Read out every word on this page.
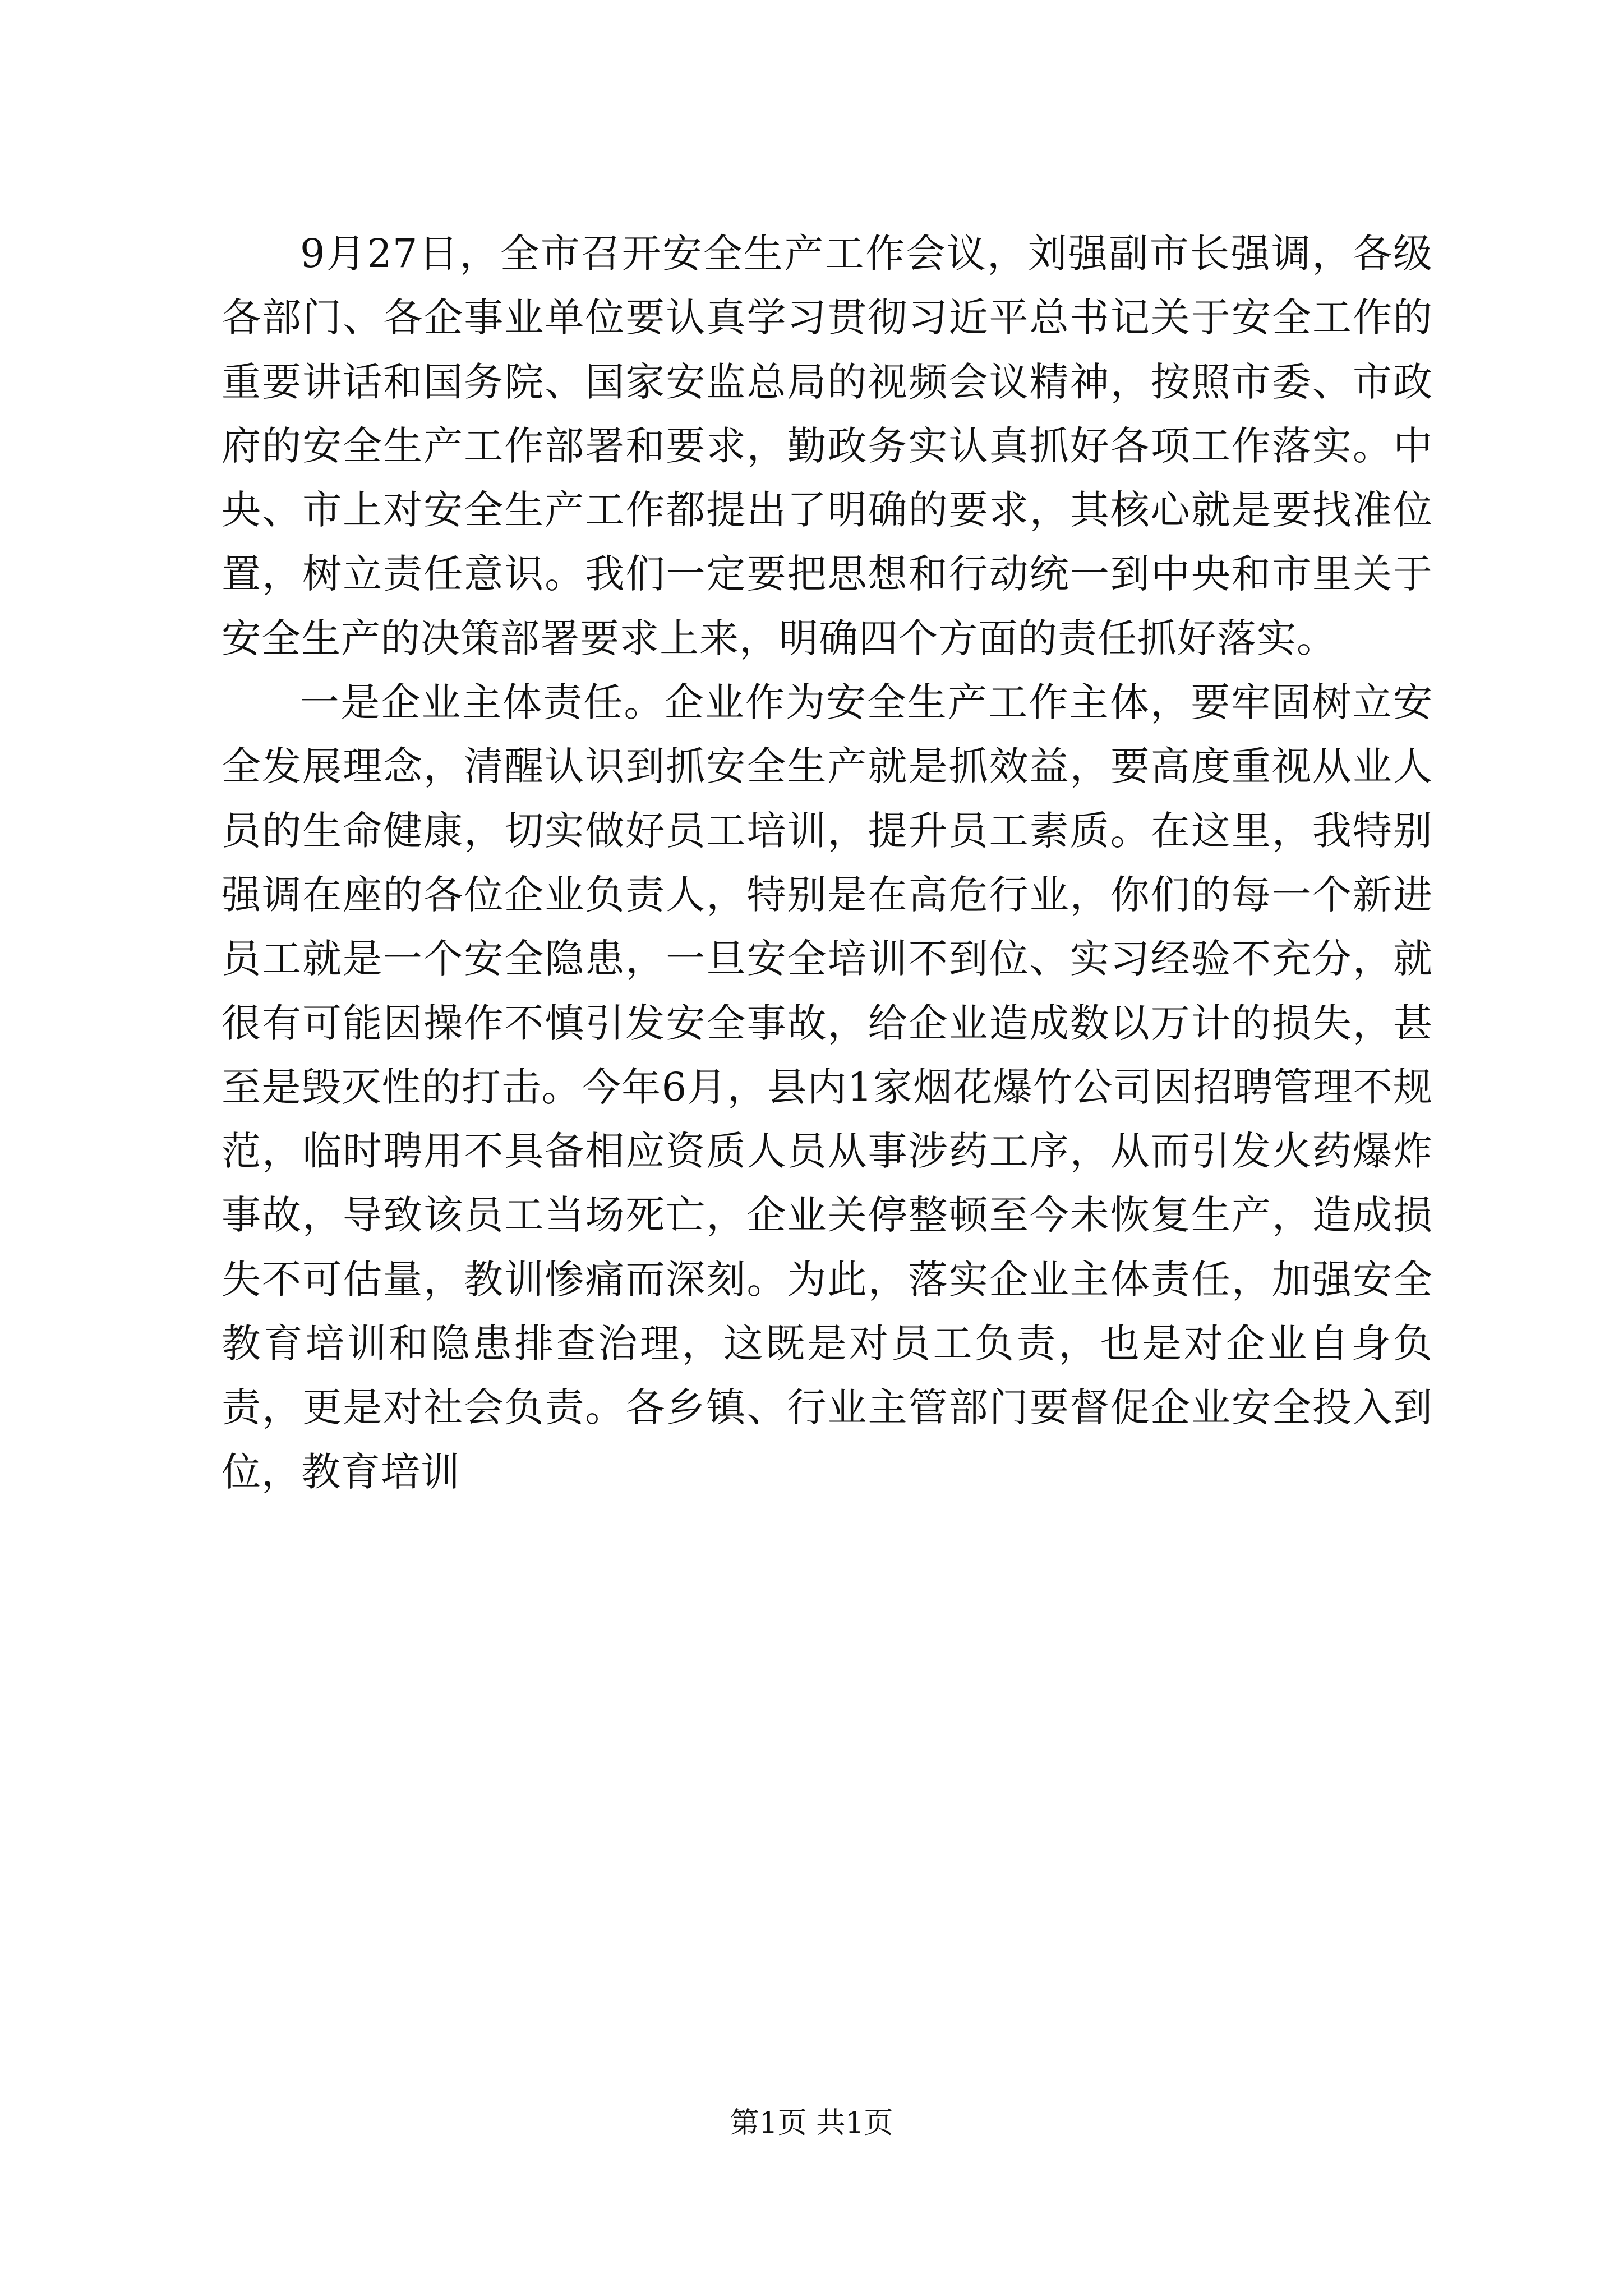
9月27日，全市召开安全生产工作会议，刘强副市长强调，各级各部门、各企事业单位要认真学习贯彻习近平总书记关于安全工作的重要讲话和国务院、国家安监总局的视频会议精神，按照市委、市政府的安全生产工作部署和要求，勤政务实认真抓好各项工作落实。中央、市上对安全生产工作都提出了明确的要求，其核心就是要找准位置，树立责任意识。我们一定要把思想和行动统一到中央和市里关于安全生产的决策部署要求上来，明确四个方面的责任抓好落实。

一是企业主体责任。企业作为安全生产工作主体，要牢固树立安全发展理念，清醒认识到抓安全生产就是抓效益，要高度重视从业人员的生命健康，切实做好员工培训，提升员工素质。在这里，我特别强调在座的各位企业负责人，特别是在高危行业，你们的每一个新进员工就是一个安全隐患，一旦安全培训不到位、实习经验不充分，就很有可能因操作不慎引发安全事故，给企业造成数以万计的损失，甚至是毁灭性的打击。今年6月，县内1家烟花爆竹公司因招聘管理不规范，临时聘用不具备相应资质人员从事涉药工序，从而引发火药爆炸事故，导致该员工当场死亡，企业关停整顿至今未恢复生产，造成损失不可估量，教训惨痛而深刻。为此，落实企业主体责任，加强安全教育培训和隐患排查治理，这既是对员工负责，也是对企业自身负责，更是对社会负责。各乡镇、行业主管部门要督促企业安全投入到位，教育培训

第1页 共1页
